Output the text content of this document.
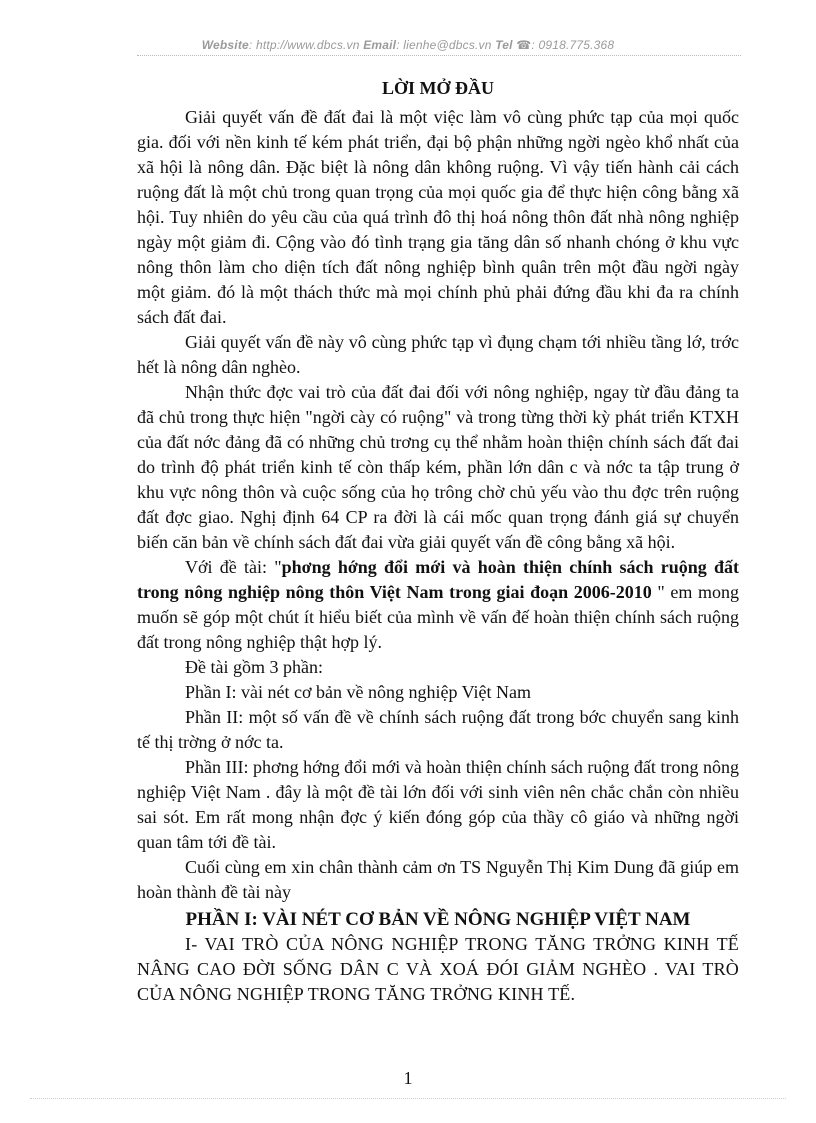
Website: http://www.dbcs.vn Email: lienhe@dbcs.vn Tel ☎: 0918.775.368
LỜI MỞ ĐẦU

Giải quyết vấn đề đất đai là một việc làm vô cùng phức tạp của mọi quốc gia. đối với nền kinh tế kém phát triển, đại bộ phận những ngời ngèo khổ nhất của xã hội là nông dân. Đặc biệt là nông dân không ruộng. Vì vậy tiến hành cải cách ruộng đất là một chủ trong quan trọng của mọi quốc gia để thực hiện công bằng xã hội. Tuy nhiên do yêu cầu của quá trình đô thị hoá nông thôn đất nhà nông nghiệp ngày một giảm đi. Cộng vào đó tình trạng gia tăng dân số nhanh chóng ở khu vực nông thôn làm cho diện tích đất nông nghiệp bình quân trên một đầu ngời ngày một giảm. đó là một thách thức mà mọi chính phủ phải đứng đầu khi đa ra chính sách đất đai.

Giải quyết vấn đề này vô cùng phức tạp vì đụng chạm tới nhiều tầng lớ, trớc hết là nông dân nghèo.

Nhận thức đợc vai trò của đất đai đối với nông nghiệp, ngay từ đầu đảng ta đã chủ trong thực hiện "ngời cày có ruộng" và trong từng thời kỳ phát triển KTXH của đất nớc đảng đã có những chủ trơng cụ thể nhằm hoàn thiện chính sách đất đai do trình độ phát triển kinh tế còn thấp kém, phần lớn dân c và nớc ta tập trung ở khu vực nông thôn và cuộc sống của họ trông chờ chủ yếu vào thu đợc trên ruộng đất đợc giao. Nghị định 64 CP ra đời là cái mốc quan trọng đánh giá sự chuyển biến căn bản về chính sách đất đai vừa giải quyết vấn đề công bằng xã hội.

Với đề tài: "phơng hớng đổi mới và hoàn thiện chính sách ruộng đất trong nông nghiệp nông thôn Việt Nam trong giai đoạn 2006-2010 " em mong muốn sẽ góp một chút ít hiểu biết của mình về vấn đế hoàn thiện chính sách ruộng đất trong nông nghiệp thật hợp lý.

Đề tài gồm 3 phần:

Phần I: vài nét cơ bản về nông nghiệp Việt Nam

Phần II: một số vấn đề về chính sách ruộng đất trong bớc chuyển sang kinh tế thị trờng ở nớc ta.

Phần III: phơng hớng đổi mới và hoàn thiện chính sách ruộng đất trong nông nghiệp Việt Nam . đây là một đề tài lớn đối với sinh viên nên chắc chắn còn nhiều sai sót. Em rất mong nhận đợc ý kiến đóng góp của thầy cô giáo và những ngời quan tâm tới đề tài.

Cuối cùng em xin chân thành cảm ơn TS Nguyễn Thị Kim Dung đã giúp em hoàn thành đề tài này

PHẦN I: VÀI NÉT CƠ BẢN VỀ NÔNG NGHIỆP VIỆT NAM
I- VAI TRÒ CỦA NÔNG NGHIỆP TRONG TĂNG TRỞNG KINH TẾ NÂNG CAO ĐỜI SỐNG DÂN C VÀ XOÁ ĐÓI GIẢM NGHÈO . VAI TRÒ CỦA NÔNG NGHIỆP TRONG TĂNG TRỞNG KINH TẾ.
1
